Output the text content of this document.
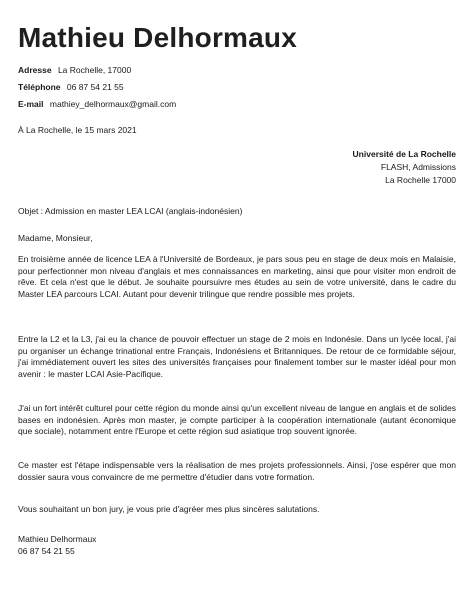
Mathieu Delhormaux
Adresse La Rochelle, 17000
Téléphone 06 87 54 21 55
E-mail mathiey_delhormaux@gmail.com
À La Rochelle, le 15 mars 2021
Université de La Rochelle
FLASH, Admissions
La Rochelle 17000
Objet : Admission en master LEA LCAI (anglais-indonésien)
Madame, Monsieur,
En troisième année de licence LEA à l'Université de Bordeaux, je pars sous peu en stage de deux mois en Malaisie, pour perfectionner mon niveau d'anglais et mes connaissances en marketing, ainsi que pour visiter mon endroit de rêve. Et cela n'est que le début. Je souhaite poursuivre mes études au sein de votre université, dans le cadre du Master LEA parcours LCAI. Autant pour devenir trilingue que rendre possible mes projets.
Entre la L2 et la L3, j'ai eu la chance de pouvoir effectuer un stage de 2 mois en Indonésie. Dans un lycée local, j'ai pu organiser un échange trinational entre Français, Indonésiens et Britanniques. De retour de ce formidable séjour, j'ai immédiatement ouvert les sites des universités françaises pour finalement tomber sur le master idéal pour mon avenir : le master LCAI Asie-Pacifique.
J'ai un fort intérêt culturel pour cette région du monde ainsi qu'un excellent niveau de langue en anglais et de solides bases en indonésien. Après mon master, je compte participer à la coopération internationale (autant économique que sociale), notamment entre l'Europe et cette région sud asiatique trop souvent ignorée.
Ce master est l'étape indispensable vers la réalisation de mes projets professionnels. Ainsi, j'ose espérer que mon dossier saura vous convaincre de me permettre d'étudier dans votre formation.
Vous souhaitant un bon jury, je vous prie d'agréer mes plus sincères salutations.
Mathieu Delhormaux
06 87 54 21 55
